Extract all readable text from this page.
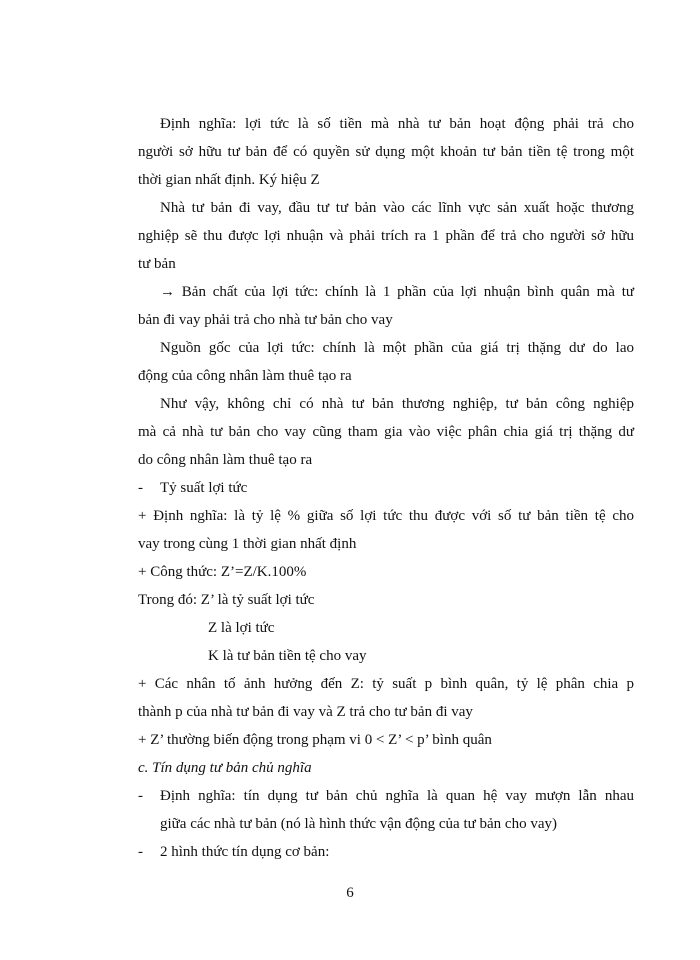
Định nghĩa: lợi tức là số tiền mà nhà tư bản hoạt động phải trả cho
người sở hữu tư bản để có quyền sử dụng một khoản tư bản tiền tệ trong một
thời gian nhất định. Ký hiệu Z
Nhà tư bản đi vay, đầu tư tư bản vào các lĩnh vực sản xuất hoặc thương
nghiệp sẽ thu được lợi nhuận và phải trích ra 1 phần để trả cho người sở hữu
tư bản
→ Bản chất của lợi tức: chính là 1 phần của lợi nhuận bình quân mà tư
bản đi vay phải trả cho nhà tư bản cho vay
Nguồn gốc của lợi tức: chính là một phần của giá trị thặng dư do lao
động của công nhân làm thuê tạo ra
Như vậy, không chỉ có nhà tư bản thương nghiệp, tư bản công nghiệp
mà cả nhà tư bản cho vay cũng tham gia vào việc phân chia giá trị thặng dư
do công nhân làm thuê tạo ra
- Tỷ suất lợi tức
+ Định nghĩa: là tỷ lệ % giữa số lợi tức thu được với số tư bản tiền tệ cho
vay trong cùng 1 thời gian nhất định
+ Công thức: Z’=Z/K.100%
Trong đó: Z’ là tỷ suất lợi tức
Z là lợi tức
K là tư bản tiền tệ cho vay
+ Các nhân tố ảnh hưởng đến Z: tỷ suất p bình quân, tỷ lệ phân chia p
thành p của nhà tư bản đi vay và Z trả cho tư bản đi vay
+ Z’ thường biến động trong phạm vi 0 < Z’ < p’ bình quân
c. Tín dụng tư bản chủ nghĩa
- Định nghĩa: tín dụng tư bản chủ nghĩa là quan hệ vay mượn lẫn nhau
giữa các nhà tư bản (nó là hình thức vận động của tư bản cho vay)
- 2 hình thức tín dụng cơ bản:
6
